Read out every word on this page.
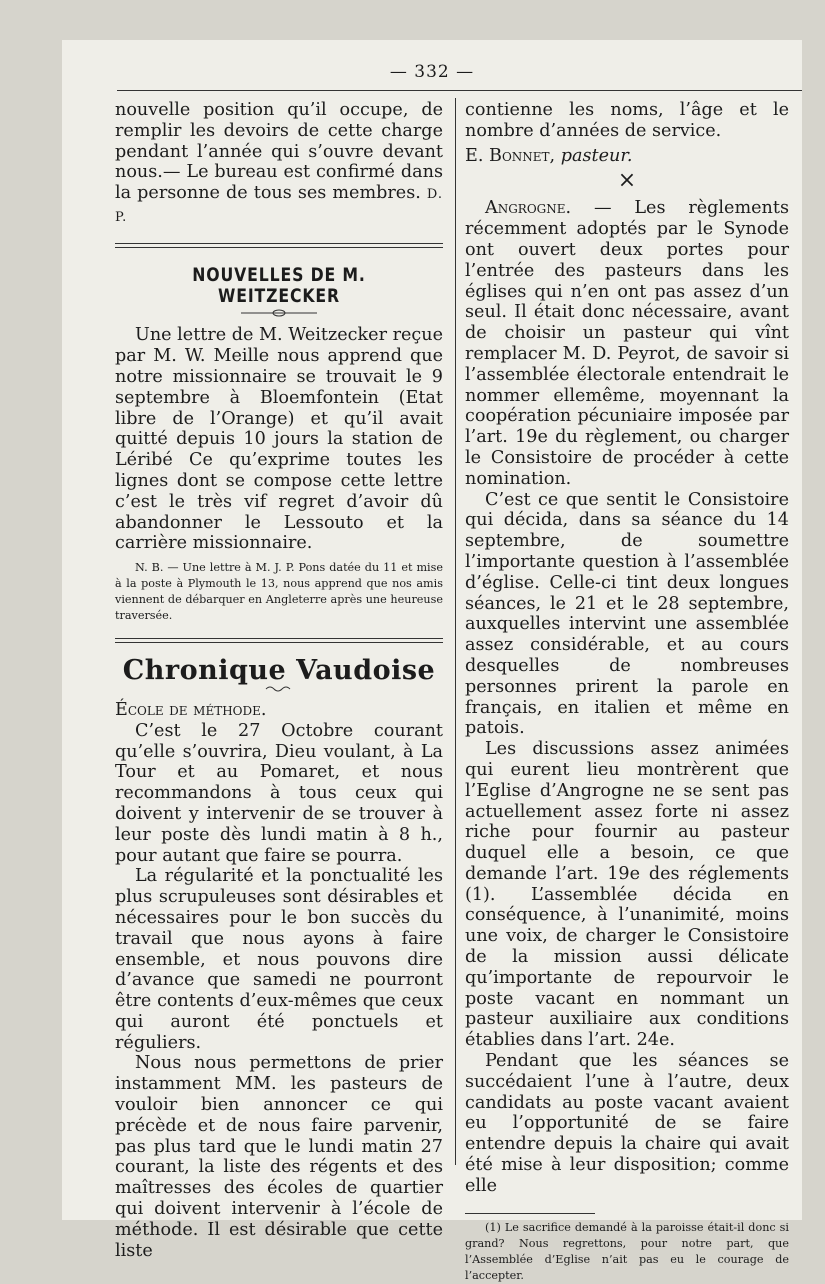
— 332 —

nouvelle position qu’il occupe, de remplir les devoirs de cette charge pendant l’année qui s’ouvre devant nous.— Le bureau est confirmé dans la personne de tous ses membres. D. P.

NOUVELLES DE M. WEITZECKER

Une lettre de M. Weitzecker reçue par M. W. Meille nous apprend que notre missionnaire se trouvait le 9 septembre à Bloemfontein (Etat libre de l’Orange) et qu’il avait quitté depuis 10 jours la station de Léribé Ce qu’exprime toutes les lignes dont se compose cette lettre c’est le très vif regret d’avoir dû abandonner le Lessouto et la carrière missionnaire.

N. B. — Une lettre à M. J. P. Pons datée du 11 et mise à la poste à Plymouth le 13, nous apprend que nos amis viennent de débarquer en Angleterre après une heureuse traversée.

Chronique Vaudoise

École de méthode.

C’est le 27 Octobre courant qu’elle s’ouvrira, Dieu voulant, à La Tour et au Pomaret, et nous recommandons à tous ceux qui doivent y intervenir de se trouver à leur poste dès lundi matin à 8 h., pour autant que faire se pourra.

La régularité et la ponctualité les plus scrupuleuses sont désirables et nécessaires pour le bon succès du travail que nous ayons à faire ensemble, et nous pouvons dire d’avance que samedi ne pourront être contents d’eux-mêmes que ceux qui auront été ponctuels et réguliers.

Nous nous permettons de prier instamment MM. les pasteurs de vouloir bien annoncer ce qui précède et de nous faire parvenir, pas plus tard que le lundi matin 27 courant, la liste des régents et des maîtresses des écoles de quartier qui doivent intervenir à l’école de méthode. Il est désirable que cette liste

contienne les noms, l’âge et le nombre d’années de service.

E. Bonnet, pasteur.

×

Angrogne. — Les règlements récemment adoptés par le Synode ont ouvert deux portes pour l’entrée des pasteurs dans les églises qui n’en ont pas assez d’un seul. Il était donc nécessaire, avant de choisir un pasteur qui vînt remplacer M. D. Peyrot, de savoir si l’assemblée électorale entendrait le nommer ellemême, moyennant la coopération pécuniaire imposée par l’art. 19e du règlement, ou charger le Consistoire de procéder à cette nomination.

C’est ce que sentit le Consistoire qui décida, dans sa séance du 14 septembre, de soumettre l’importante question à l’assemblée d’église. Celle-ci tint deux longues séances, le 21 et le 28 septembre, auxquelles intervint une assemblée assez considérable, et au cours desquelles de nombreuses personnes prirent la parole en français, en italien et même en patois.

Les discussions assez animées qui eurent lieu montrèrent que l’Eglise d’Angrogne ne se sent pas actuellement assez forte ni assez riche pour fournir au pasteur duquel elle a besoin, ce que demande l’art. 19e des réglements (1). L’assemblée décida en conséquence, à l’unanimité, moins une voix, de charger le Consistoire de la mission aussi délicate qu’importante de repourvoir le poste vacant en nommant un pasteur auxiliaire aux conditions établies dans l’art. 24e.

Pendant que les séances se succédaient l’une à l’autre, deux candidats au poste vacant avaient eu l’opportunité de se faire entendre depuis la chaire qui avait été mise à leur disposition; comme elle

(1) Le sacrifice demandé à la paroisse était-il donc si grand? Nous regrettons, pour notre part, que l’Assemblée d’Eglise n’ait pas eu le courage de l’accepter.
